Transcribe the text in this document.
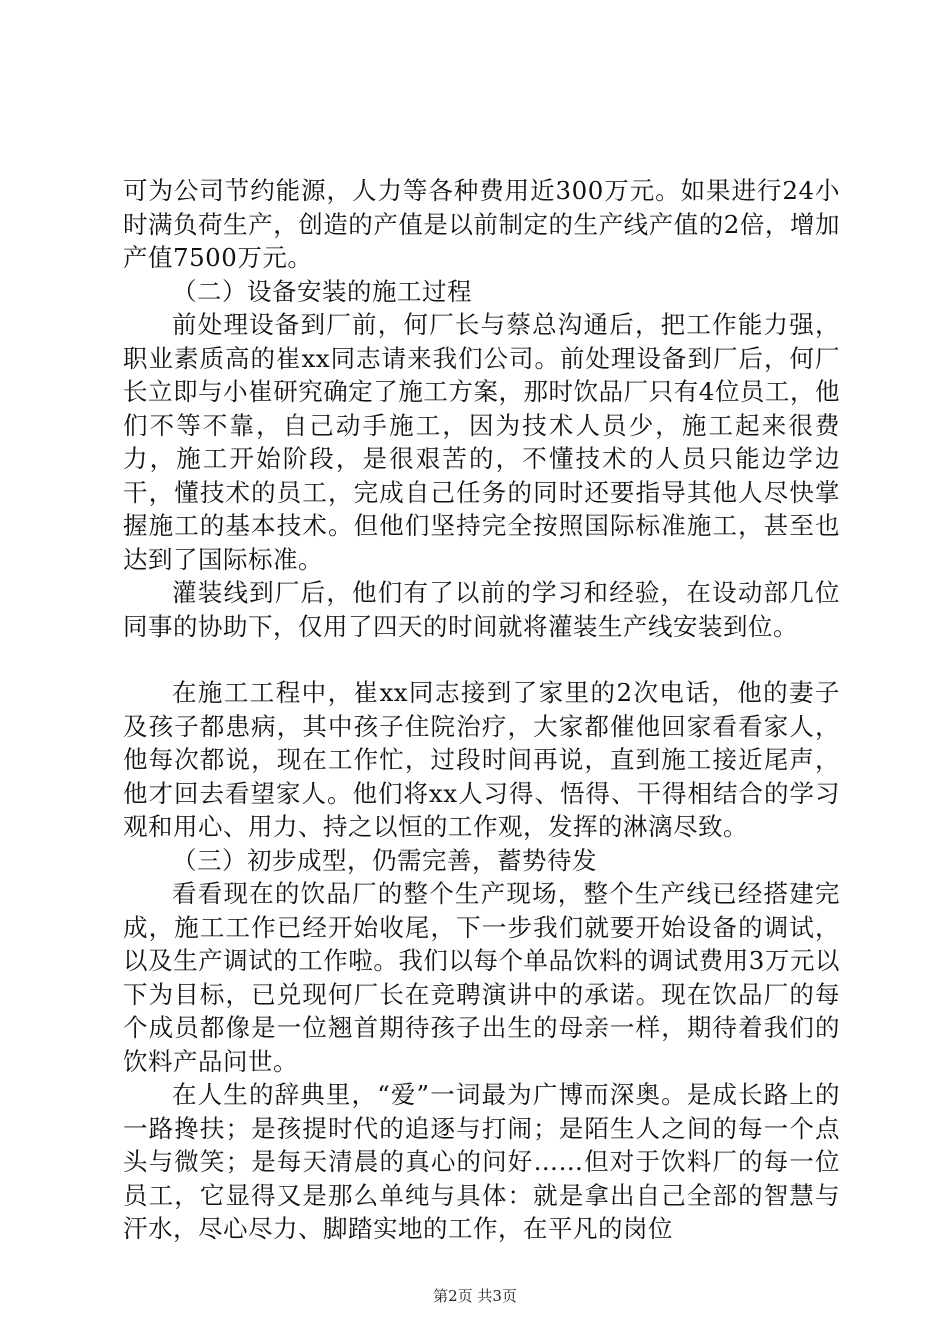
可为公司节约能源，人力等各种费用近300万元。如果进行24小时满负荷生产，创造的产值是以前制定的生产线产值的2倍，增加产值7500万元。

（二）设备安装的施工过程

前处理设备到厂前，何厂长与蔡总沟通后，把工作能力强，职业素质高的崔xx同志请来我们公司。前处理设备到厂后，何厂长立即与小崔研究确定了施工方案，那时饮品厂只有4位员工，他们不等不靠，自己动手施工，因为技术人员少，施工起来很费力，施工开始阶段，是很艰苦的，不懂技术的人员只能边学边干，懂技术的员工，完成自己任务的同时还要指导其他人尽快掌握施工的基本技术。但他们坚持完全按照国际标准施工，甚至也达到了国际标准。

灌装线到厂后，他们有了以前的学习和经验，在设动部几位同事的协助下，仅用了四天的时间就将灌装生产线安装到位。

在施工工程中，崔xx同志接到了家里的2次电话，他的妻子及孩子都患病，其中孩子住院治疗，大家都催他回家看看家人，他每次都说，现在工作忙，过段时间再说，直到施工接近尾声，他才回去看望家人。他们将xx人习得、悟得、干得相结合的学习观和用心、用力、持之以恒的工作观，发挥的淋漓尽致。

（三）初步成型，仍需完善，蓄势待发

看看现在的饮品厂的整个生产现场，整个生产线已经搭建完成，施工工作已经开始收尾，下一步我们就要开始设备的调试，以及生产调试的工作啦。我们以每个单品饮料的调试费用3万元以下为目标，已兑现何厂长在竞聘演讲中的承诺。现在饮品厂的每个成员都像是一位翘首期待孩子出生的母亲一样，期待着我们的饮料产品问世。

在人生的辞典里，“爱”一词最为广博而深奥。是成长路上的一路搀扶；是孩提时代的追逐与打闹；是陌生人之间的每一个点头与微笑；是每天清晨的真心的问好……但对于饮料厂的每一位员工，它显得又是那么单纯与具体：就是拿出自己全部的智慧与汗水，尽心尽力、脚踏实地的工作，在平凡的岗位

第2页 共3页
